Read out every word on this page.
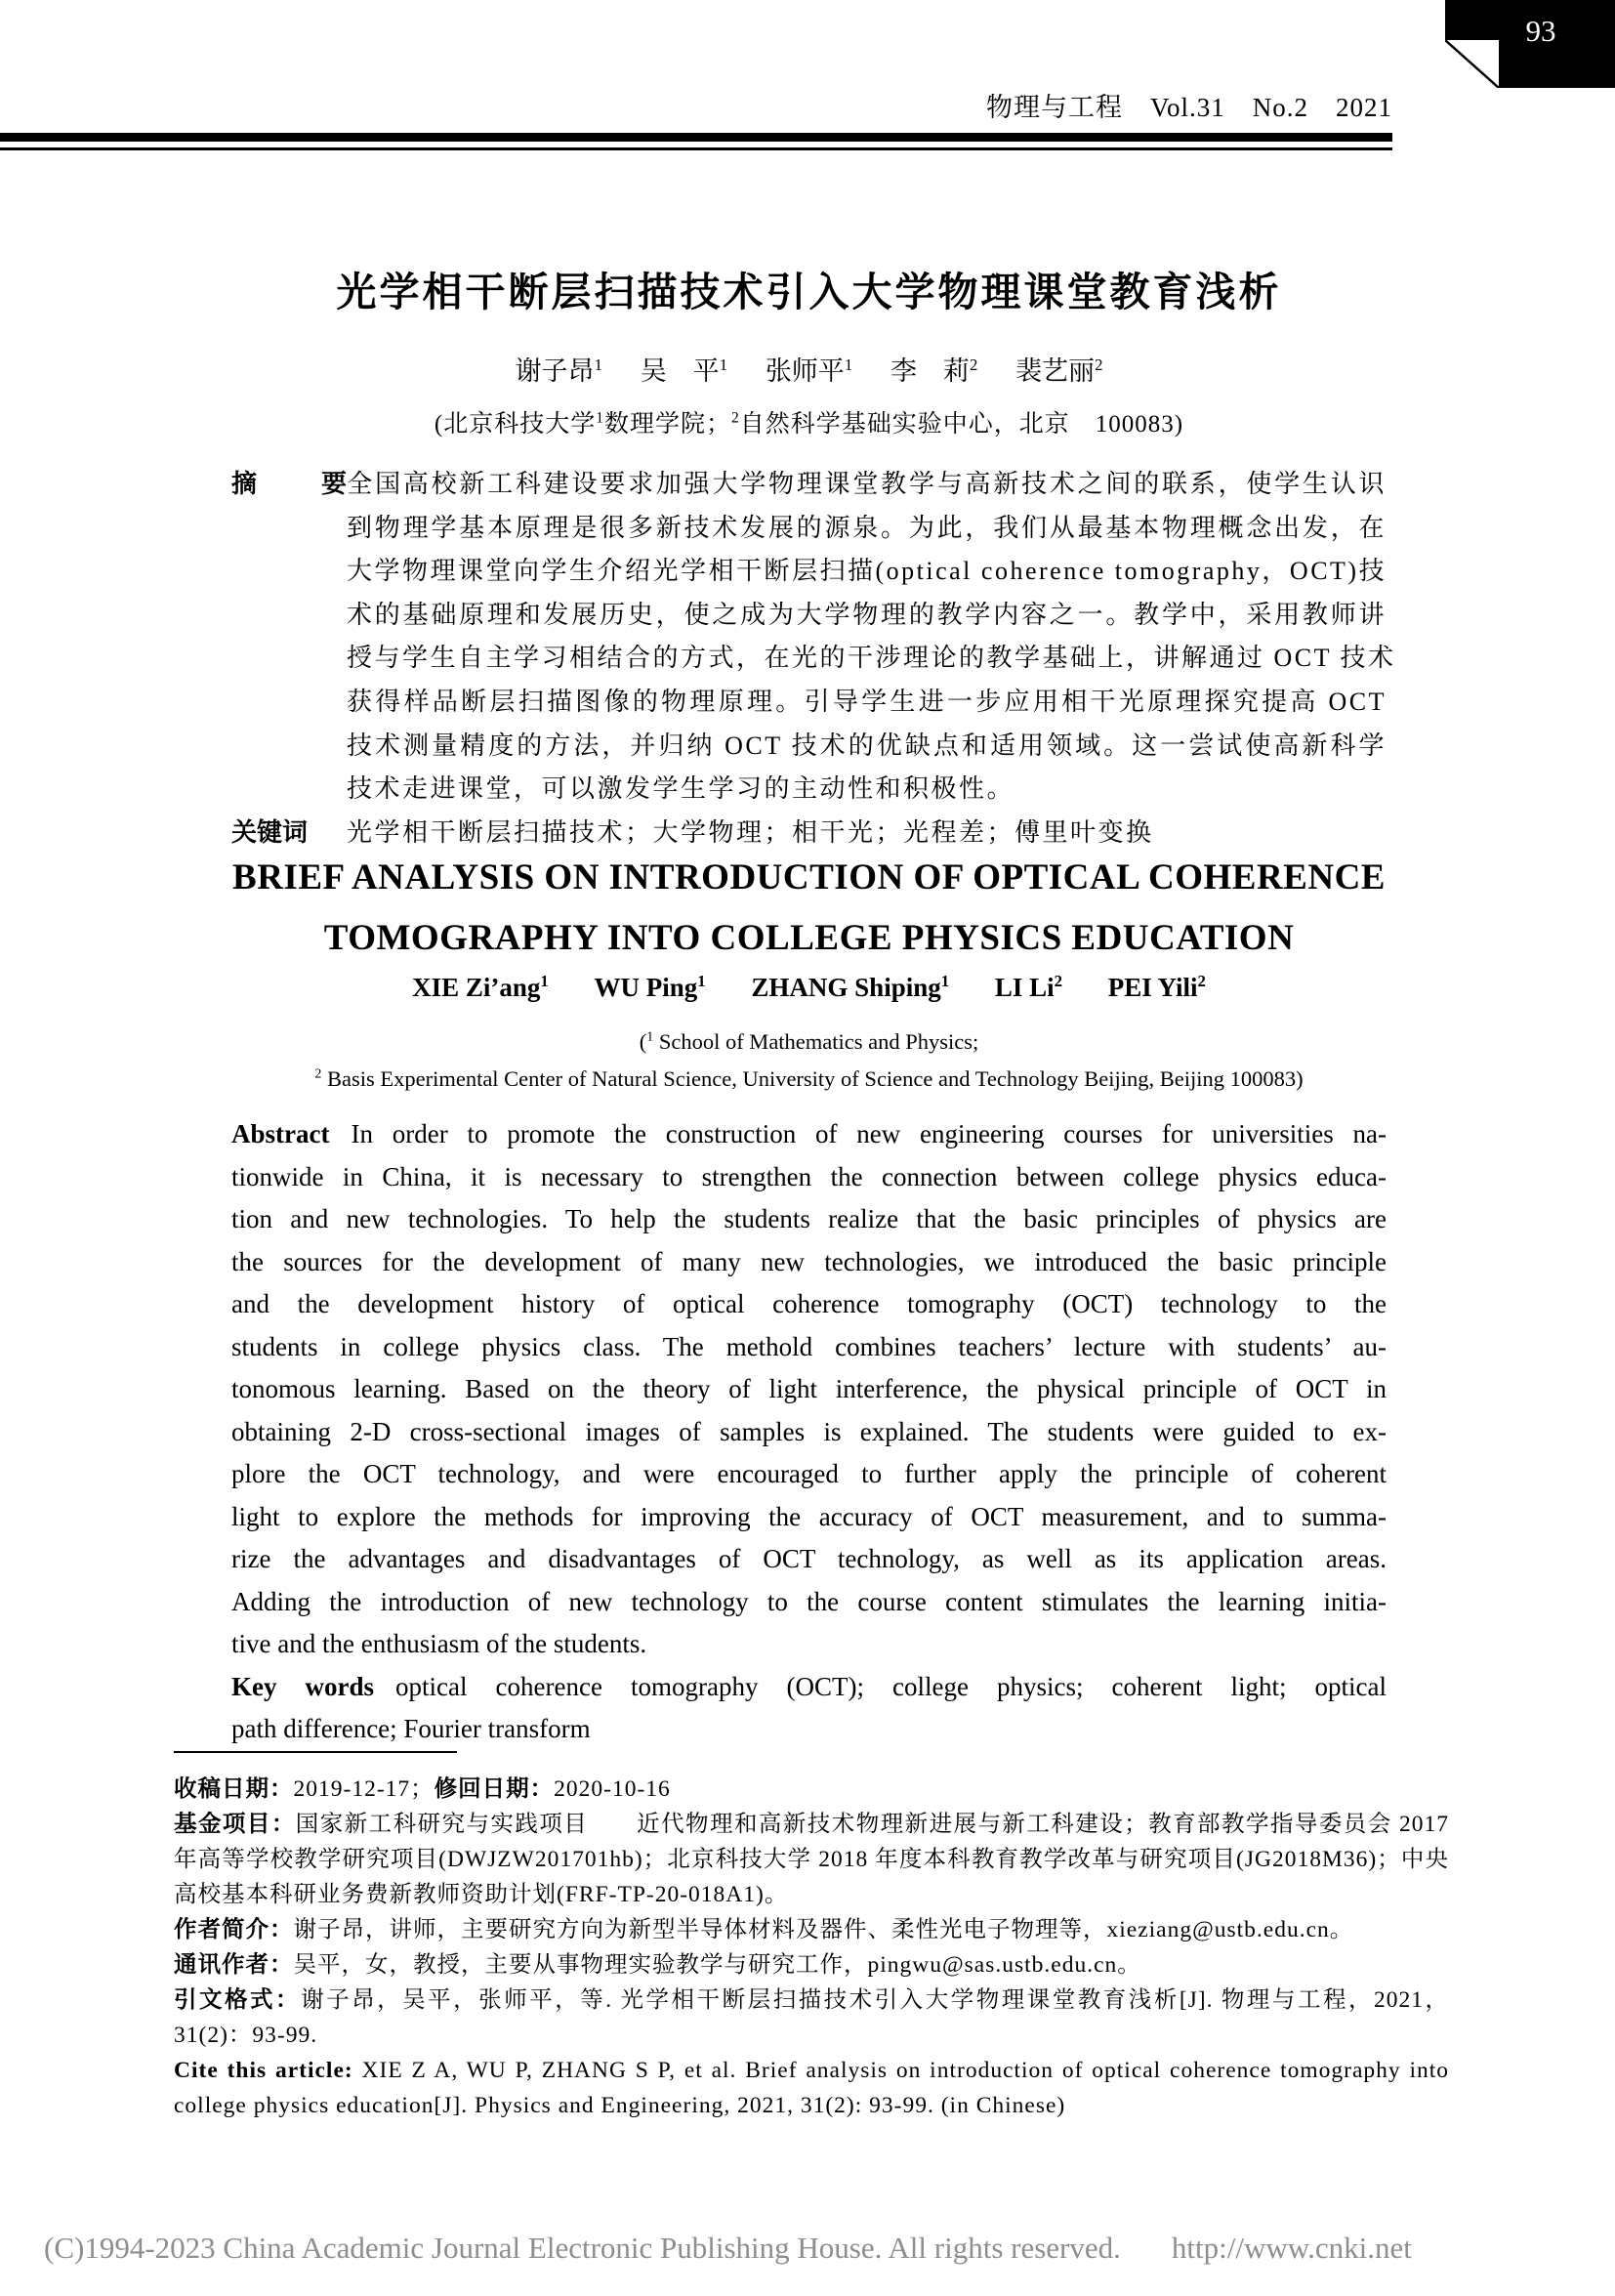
93
物理与工程　Vol.31　No.2　2021
光学相干断层扫描技术引入大学物理课堂教育浅析
谢子昂$^1$ 吴　平$^1$ 张师平$^1$ 李　莉$^2$ 裴艺丽$^2$
(北京科技大学$^1$数理学院；$^2$自然科学基础实验中心，北京　100083)
摘　要全国高校新工科建设要求加强大学物理课堂教学与高新技术之间的联系，使学生认识
到物理学基本原理是很多新技术发展的源泉。为此，我们从最基本物理概念出发，在
大学物理课堂向学生介绍光学相干断层扫描(optical coherence tomography，OCT)技
术的基础原理和发展历史，使之成为大学物理的教学内容之一。教学中，采用教师讲
授与学生自主学习相结合的方式，在光的干涉理论的教学基础上，讲解通过 OCT 技术
获得样品断层扫描图像的物理原理。引导学生进一步应用相干光原理探究提高 OCT
技术测量精度的方法，并归纳 OCT 技术的优缺点和适用领域。这一尝试使高新科学
技术走进课堂，可以激发学生学习的主动性和积极性。
关键词 光学相干断层扫描技术；大学物理；相干光；光程差；傅里叶变换
BRIEF ANALYSIS ON INTRODUCTION OF OPTICAL COHERENCE
TOMOGRAPHY INTO COLLEGE PHYSICS EDUCATION
XIE Zi’ang$^1$ WU Ping$^1$ ZHANG Shiping$^1$ LI Li$^2$ PEI Yili$^2$
($^1$ School of Mathematics and Physics;
$^2$ Basis Experimental Center of Natural Science, University of Science and Technology Beijing, Beijing 100083)
Abstract In order to promote the construction of new engineering courses for universities na-
tionwide in China, it is necessary to strengthen the connection between college physics educa-
tion and new technologies. To help the students realize that the basic principles of physics are
the sources for the development of many new technologies, we introduced the basic principle
and the development history of optical coherence tomography (OCT) technology to the
students in college physics class. The methold combines teachers’ lecture with students’ au-
tonomous learning. Based on the theory of light interference, the physical principle of OCT in
obtaining 2-D cross-sectional images of samples is explained. The students were guided to ex-
plore the OCT technology, and were encouraged to further apply the principle of coherent
light to explore the methods for improving the accuracy of OCT measurement, and to summa-
rize the advantages and disadvantages of OCT technology, as well as its application areas.
Adding the introduction of new technology to the course content stimulates the learning initia-
tive and the enthusiasm of the students.
Key words optical coherence tomography (OCT); college physics; coherent light; optical
path difference; Fourier transform

收稿日期：2019-12-17；修回日期：2020-10-16

基金项目：国家新工科研究与实践项目　　近代物理和高新技术物理新进展与新工科建设；教育部教学指导委员会 2017 年高等学校教学研究项目(DWJZW201701hb)；北京科技大学 2018 年度本科教育教学改革与研究项目(JG2018M36)；中央高校基本科研业务费新教师资助计划(FRF-TP-20-018A1)。

作者简介：谢子昂，讲师，主要研究方向为新型半导体材料及器件、柔性光电子物理等，xieziang@ustb.edu.cn。

通讯作者：吴平，女，教授，主要从事物理实验教学与研究工作，pingwu@sas.ustb.edu.cn。

引文格式：谢子昂，吴平，张师平，等. 光学相干断层扫描技术引入大学物理课堂教育浅析[J]. 物理与工程，2021，31(2)：93-99.

Cite this article: XIE Z A, WU P, ZHANG S P, et al. Brief analysis on introduction of optical coherence tomography into college physics education[J]. Physics and Engineering, 2021, 31(2): 93-99. (in Chinese)

(C)1994-2023 China Academic Journal Electronic Publishing House. All rights reserved. http://www.cnki.net
